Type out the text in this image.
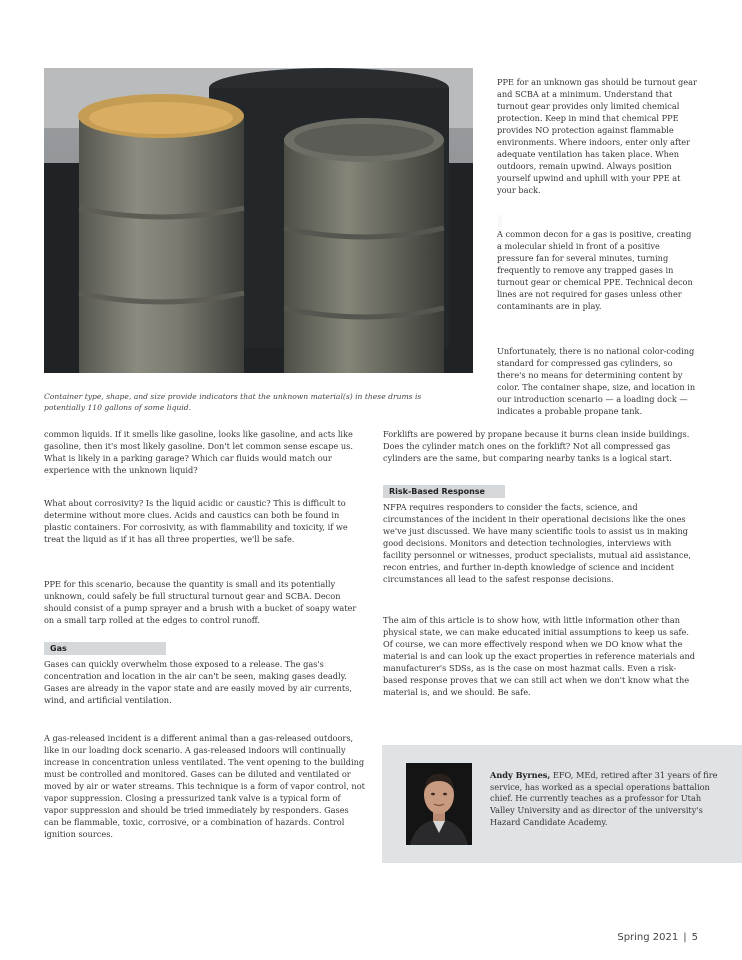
photo by Andy Byrnes

Container type, shape, and size provide indicators that the unknown material(s) in these drums is potentially 110 gallons of some liquid.

PPE for an unknown gas should be turnout gear and SCBA at a minimum. Understand that turnout gear provides only limited chemical protection. Keep in mind that chemical PPE provides NO protection against flammable environments. Where indoors, enter only after adequate ventilation has taken place. When outdoors, remain upwind. Always position yourself upwind and uphill with your PPE at your back.

A common decon for a gas is positive, creating a molecular shield in front of a positive pressure fan for several minutes, turning frequently to remove any trapped gases in turnout gear or chemical PPE. Technical decon lines are not required for gases unless other contaminants are in play.

Unfortunately, there is no national color-coding standard for compressed gas cylinders, so there's no means for determining content by color. The container shape, size, and location in our introduction scenario — a loading dock — indicates a probable propane tank.

common liquids. If it smells like gasoline, looks like gasoline, and acts like gasoline, then it's most likely gasoline. Don't let common sense escape us. What is likely in a parking garage? Which car fluids would match our experience with the unknown liquid?

What about corrosivity? Is the liquid acidic or caustic? This is difficult to determine without more clues. Acids and caustics can both be found in plastic containers. For corrosivity, as with flammability and toxicity, if we treat the liquid as if it has all three properties, we'll be safe.

PPE for this scenario, because the quantity is small and its potentially unknown, could safely be full structural turnout gear and SCBA. Decon should consist of a pump sprayer and a brush with a bucket of soapy water on a small tarp rolled at the edges to control runoff.

Gas

Gases can quickly overwhelm those exposed to a release. The gas's concentration and location in the air can't be seen, making gases deadly. Gases are already in the vapor state and are easily moved by air currents, wind, and artificial ventilation.

A gas-released incident is a different animal than a gas-released outdoors, like in our loading dock scenario. A gas-released indoors will continually increase in concentration unless ventilated. The vent opening to the building must be controlled and monitored. Gases can be diluted and ventilated or moved by air or water streams. This technique is a form of vapor control, not vapor suppression. Closing a pressurized tank valve is a typical form of vapor suppression and should be tried immediately by responders. Gases can be flammable, toxic, corrosive, or a combination of hazards. Control ignition sources.

Forklifts are powered by propane because it burns clean inside buildings. Does the cylinder match ones on the forklift? Not all compressed gas cylinders are the same, but comparing nearby tanks is a logical start.

Risk-Based Response

NFPA requires responders to consider the facts, science, and circumstances of the incident in their operational decisions like the ones we've just discussed. We have many scientific tools to assist us in making good decisions. Monitors and detection technologies, interviews with facility personnel or witnesses, product specialists, mutual aid assistance, recon entries, and further in-depth knowledge of science and incident circumstances all lead to the safest response decisions.

The aim of this article is to show how, with little information other than physical state, we can make educated initial assumptions to keep us safe. Of course, we can more effectively respond when we DO know what the material is and can look up the exact properties in reference materials and manufacturer's SDSs, as is the case on most hazmat calls. Even a risk-based response proves that we can still act when we don't know what the material is, and we should. Be safe.

Andy Byrnes, EFO, MEd, retired after 31 years of fire service, has worked as a special operations battalion chief. He currently teaches as a professor for Utah Valley University and as director of the university's Hazard Candidate Academy.

Spring 2021 | 5
